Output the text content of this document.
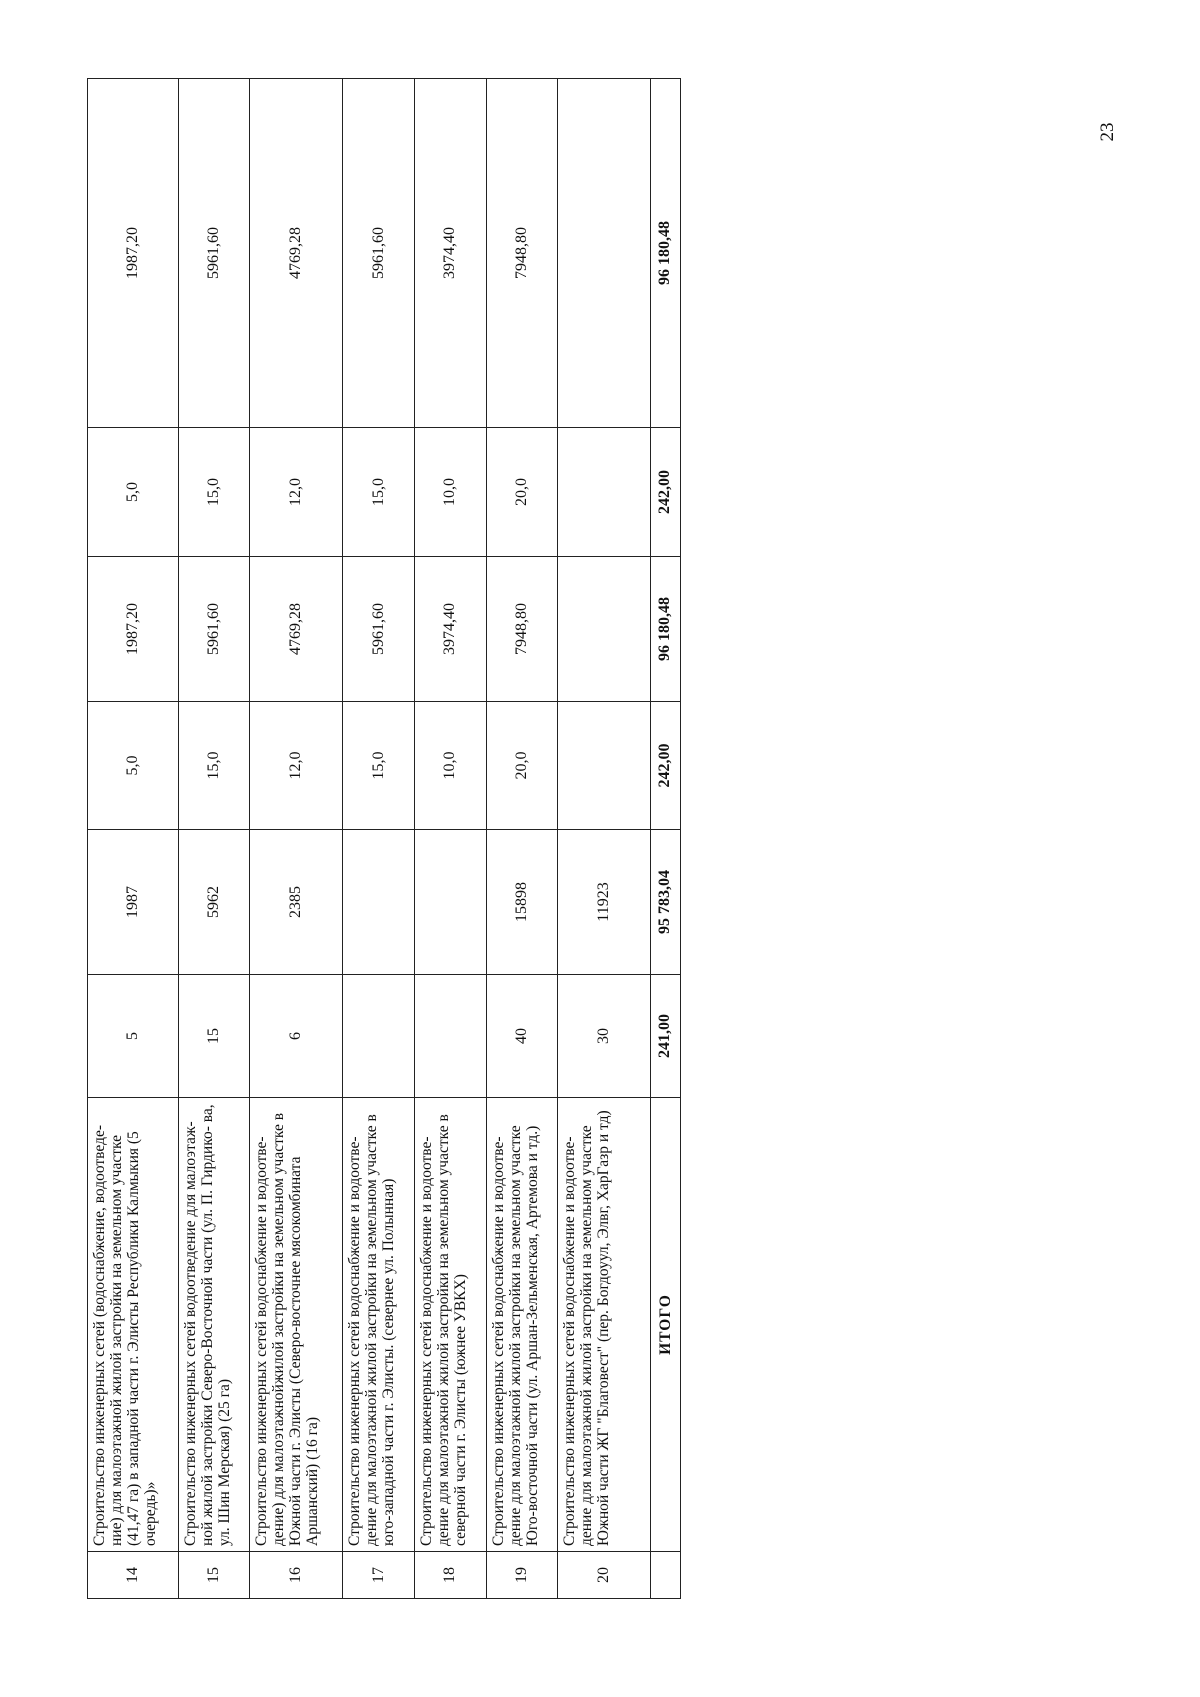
23
14	Строительство инженерных сетей (водоснабжение, водоотведе- ние) для малоэтажной жилой застройки на земельном участке (41,47 га) в западной части г. Элисты Республики Калмыкия (5 очередь)»	5	1987	5,0	1987,20	5,0	1987,20
15	Строительство инженерных сетей водоотведение для малоэтаж- ной жилой застройки Северо-Восточной части (ул. П. Гирдико- ва, ул. Шин Мерская) (25 га)	15	5962	15,0	5961,60	15,0	5961,60
16	Строительство инженерных сетей водоснабжение и водоотве- дение) для малоэтажнойжилой застройки на земельном участке в Южной части г. Элисты (Северо-восточнее мясокомбината Аршанский) (16 га)	6	2385	12,0	4769,28	12,0	4769,28
17	Строительство инженерных сетей водоснабжение и водоотве- дение для малоэтажной жилой застройки на земельном участке в юго-западной части г. Элисты. (севернее ул. Полынная)			15,0	5961,60	15,0	5961,60
18	Строительство инженерных сетей водоснабжение и водоотве- дение для малоэтажной жилой застройки на земельном участке в северной части г. Элисты (южнее УВКХ)			10,0	3974,40	10,0	3974,40
19	Строительство инженерных сетей водоснабжение и водоотве- дение для малоэтажной жилой застройки на земельном участке Юго-восточной части (ул. Аршан-Зельменская, Артемова и тд.)	40	15898	20,0	7948,80	20,0	7948,80
20	Строительство инженерных сетей водоснабжение и водоотве- дение для малоэтажной жилой застройки на земельном участке Южной части ЖГ "Благовест" (пер. Богдоуул, Элвг, ХарГазр и тд)	30	11923				
	ИТОГО	241,00	95 783,04	242,00	96 180,48	242,00	96 180,48
